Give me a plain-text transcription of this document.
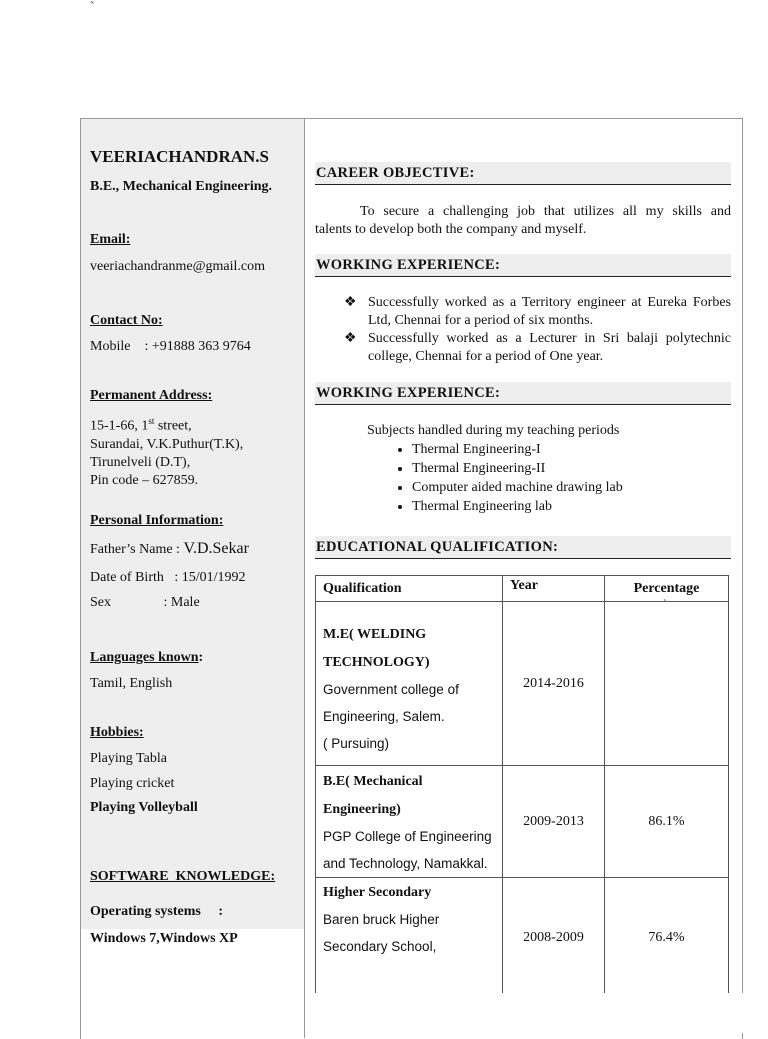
`
VEERIACHANDRAN.S
B.E., Mechanical Engineering.
Email:
veeriachandranme@gmail.com
Contact No:
Mobile    : +91888 363 9764
Permanent Address:
15-1-66, 1st street,
Surandai, V.K.Puthur(T.K),
Tirunelveli (D.T),
Pin code – 627859.
Personal Information:
Father’s Name : V.D.Sekar
Date of Birth   : 15/01/1992
Sex               : Male
Languages known:
Tamil, English
Hobbies:
Playing Tabla
Playing cricket
Playing Volleyball
SOFTWARE  KNOWLEDGE:
Operating systems     :
Windows 7,Windows XP
CAREER OBJECTIVE:
To secure a challenging job that utilizes all my skills and
talents to develop both the company and myself.
WORKING EXPERIENCE:
❖ Successfully worked as a Territory engineer at Eureka Forbes Ltd, Chennai for a period of six months.
❖ Successfully worked as a Lecturer in Sri balaji polytechnic college, Chennai for a period of One year.
WORKING EXPERIENCE:
Subjects handled during my teaching periods
• Thermal Engineering-I
• Thermal Engineering-II
• Computer aided machine drawing lab
• Thermal Engineering lab
EDUCATIONAL QUALIFICATION:
Qualification	Year	Percentage
M.E( WELDING TECHNOLOGY)
Government college of Engineering, Salem.
( Pursuing)	2014-2016	`

B.E( Mechanical Engineering)
PGP College of Engineering and Technology, Namakkal.	2009-2013	86.1%
Higher Secondary
Baren bruck Higher Secondary School,	2008-2009	76.4%
